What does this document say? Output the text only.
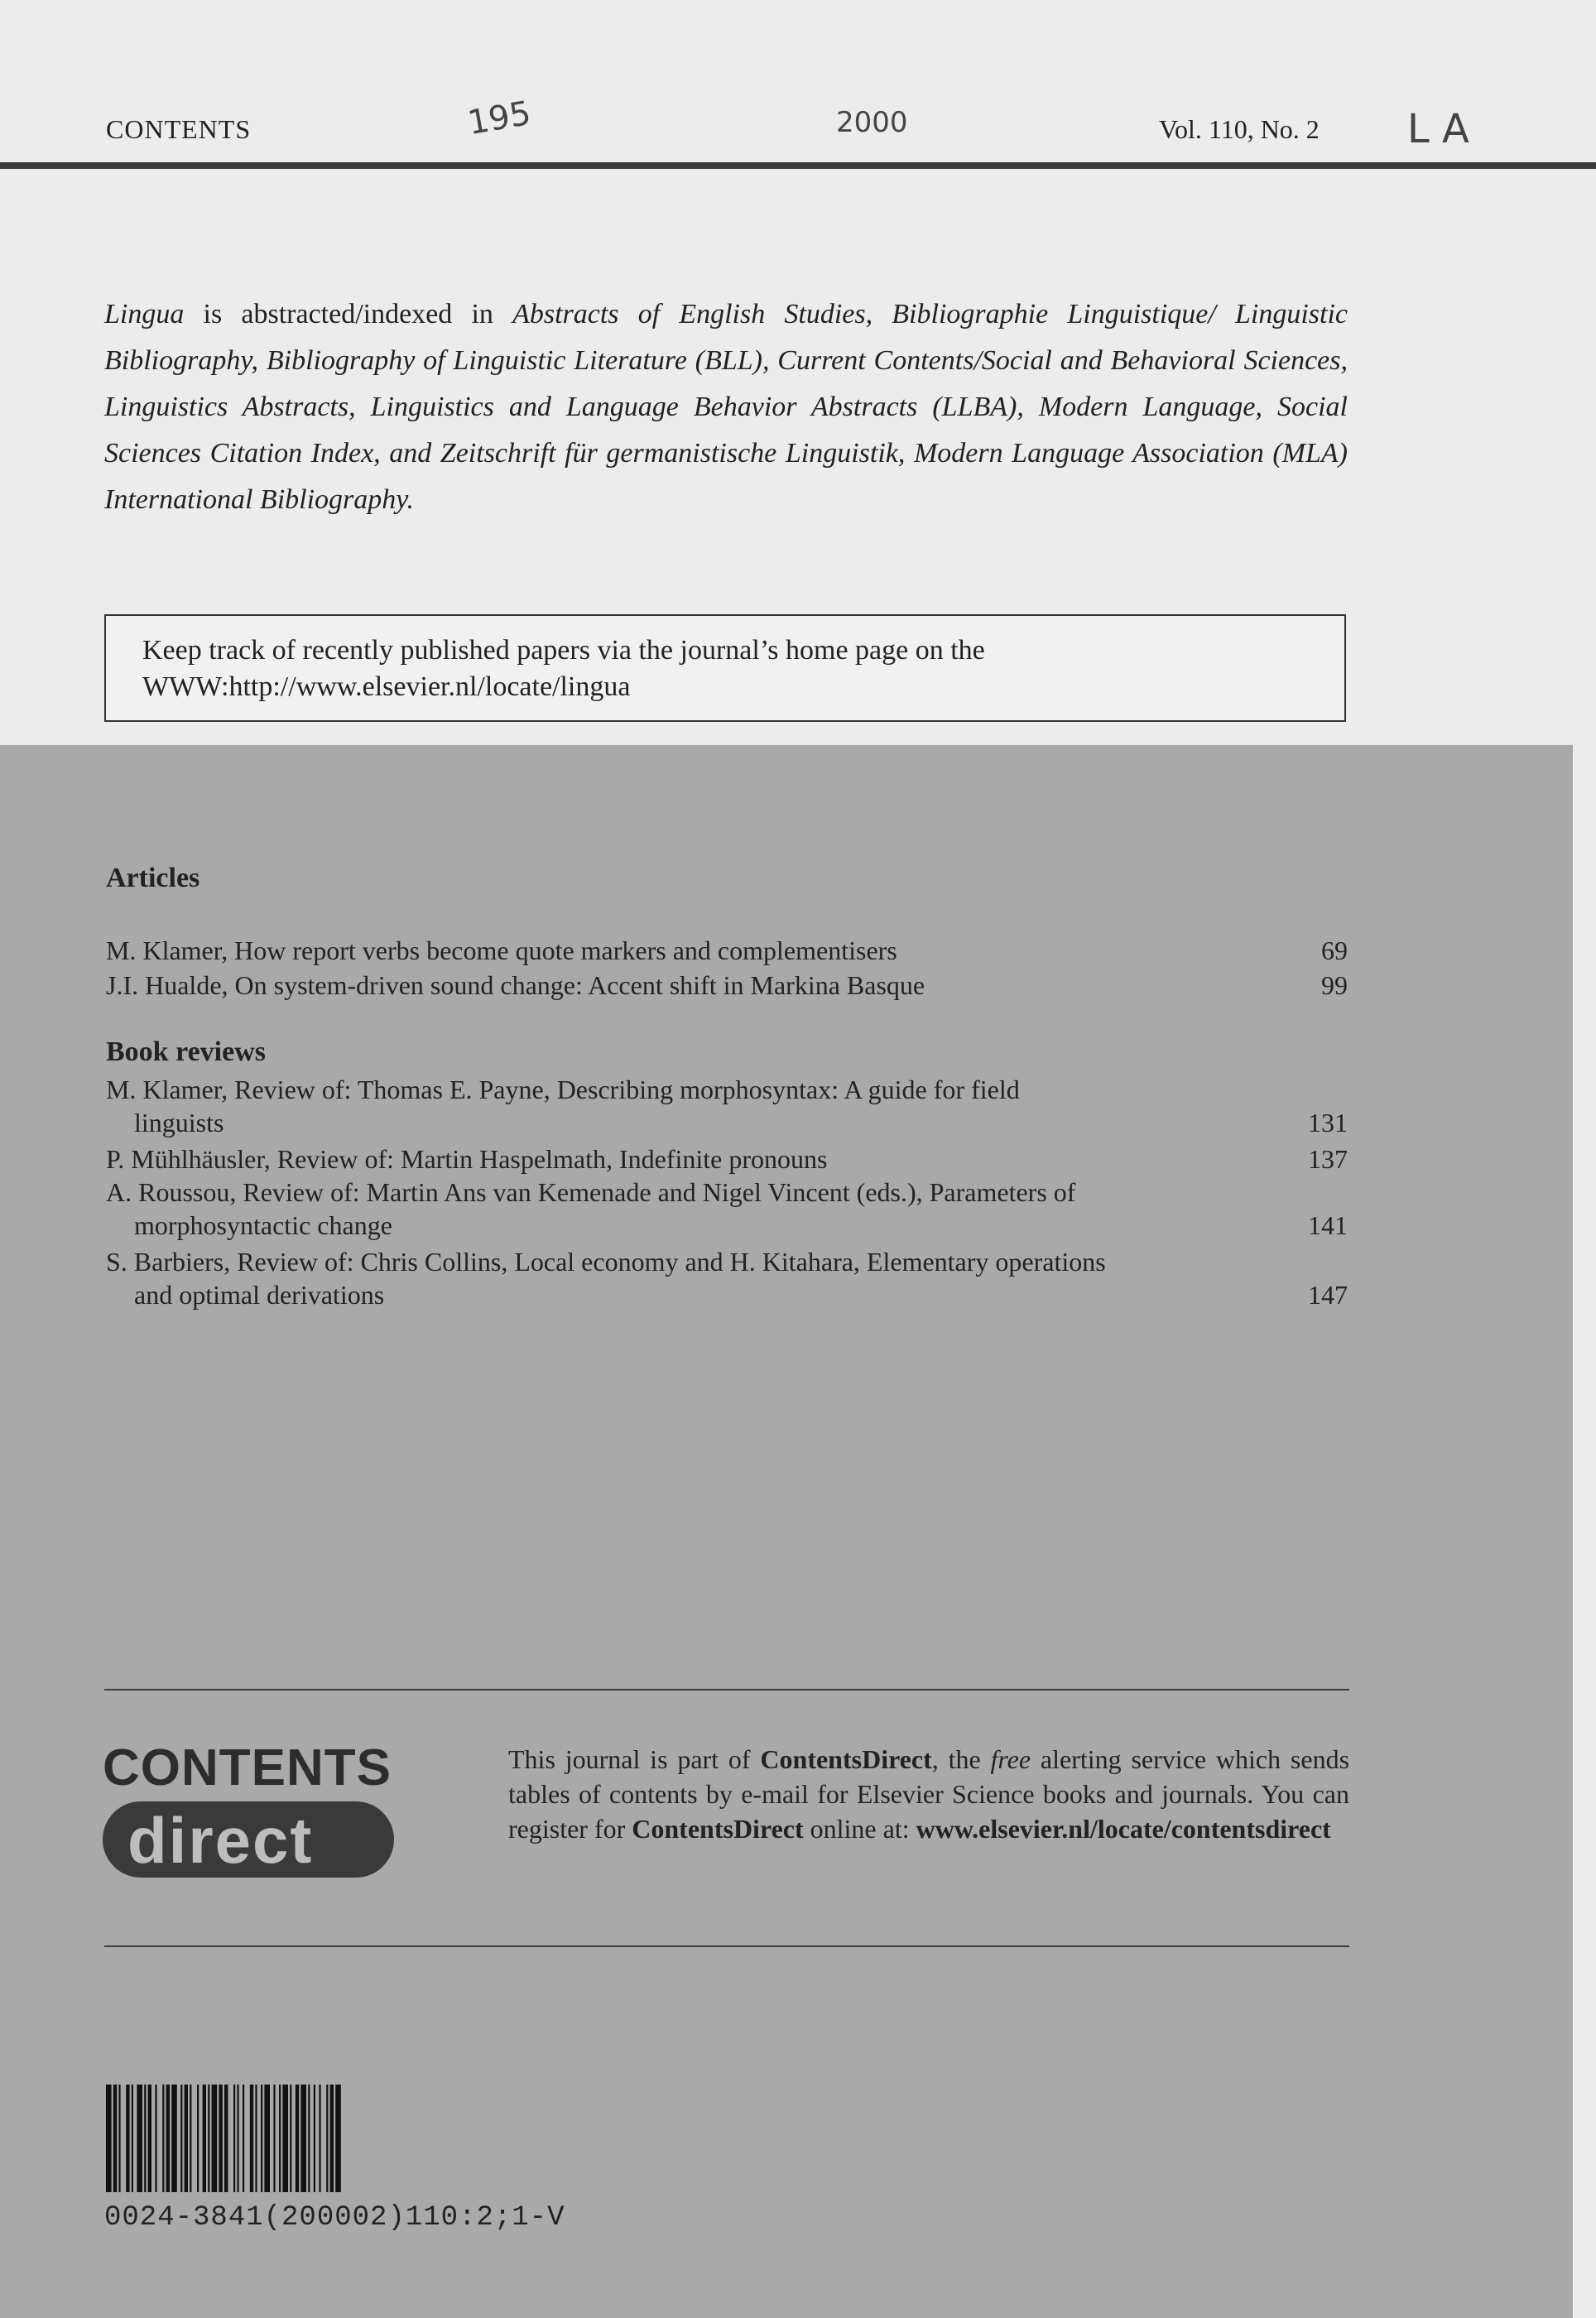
CONTENTS	195	2000	Vol. 110, No. 2 L A
Lingua is abstracted/indexed in Abstracts of English Studies, Bibliographie Linguistique/ Linguistic Bibliography, Bibliography of Linguistic Literature (BLL), Current Contents/Social and Behavioral Sciences, Linguistics Abstracts, Linguistics and Language Behavior Abstracts (LLBA), Modern Language, Social Sciences Citation Index, and Zeitschrift für germanistische Linguistik, Modern Language Association (MLA) International Bibliography.

Keep track of recently published papers via the journal’s home page on the WWW:http://www.elsevier.nl/locate/lingua

Articles
M. Klamer, How report verbs become quote markers and complementisers	69
J.I. Hualde, On system-driven sound change: Accent shift in Markina Basque	99
Book reviews
M. Klamer, Review of: Thomas E. Payne, Describing morphosyntax: A guide for field
linguists	131
P. Mühlhäusler, Review of: Martin Haspelmath, Indefinite pronouns	137
A. Roussou, Review of: Martin Ans van Kemenade and Nigel Vincent (eds.), Parameters of
morphosyntactic change	141
S. Barbiers, Review of: Chris Collins, Local economy and H. Kitahara, Elementary operations
and optimal derivations	147
CONTENTS
direct
This journal is part of ContentsDirect, the free alerting service which sends tables of contents by e-mail for Elsevier Science books and journals. You can register for ContentsDirect online at: www.elsevier.nl/locate/contentsdirect
0024-3841(200002)110:2;1-V
